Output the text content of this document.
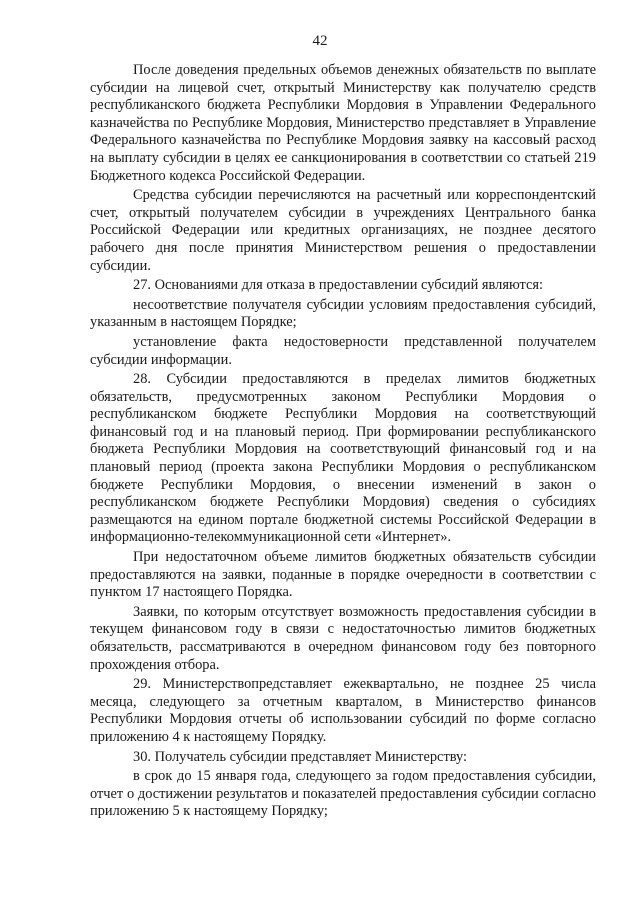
42

После доведения предельных объемов денежных обязательств по выплате субсидии на лицевой счет, открытый Министерству как получателю средств республиканского бюджета Республики Мордовия в Управлении Федерального казначейства по Республике Мордовия, Министерство представляет в Управление Федерального казначейства по Республике Мордовия заявку на кассовый расход на выплату субсидии в целях ее санкционирования в соответствии со статьей 219 Бюджетного кодекса Российской Федерации.

Средства субсидии перечисляются на расчетный или корреспондентский счет, открытый получателем субсидии в учреждениях Центрального банка Российской Федерации или кредитных организациях, не позднее десятого рабочего дня после принятия Министерством решения о предоставлении субсидии.

27. Основаниями для отказа в предоставлении субсидий являются:

несоответствие получателя субсидии условиям предоставления субсидий, указанным в настоящем Порядке;

установление факта недостоверности представленной получателем субсидии информации.

28. Субсидии предоставляются в пределах лимитов бюджетных обязательств, предусмотренных законом Республики Мордовия о республиканском бюджете Республики Мордовия на соответствующий финансовый год и на плановый период. При формировании республиканского бюджета Республики Мордовия на соответствующий финансовый год и на плановый период (проекта закона Республики Мордовия о республиканском бюджете Республики Мордовия, о внесении изменений в закон о республиканском бюджете Республики Мордовия) сведения о субсидиях размещаются на едином портале бюджетной системы Российской Федерации в информационно-телекоммуникационной сети «Интернет».

При недостаточном объеме лимитов бюджетных обязательств субсидии предоставляются на заявки, поданные в порядке очередности в соответствии с пунктом 17 настоящего Порядка.

Заявки, по которым отсутствует возможность предоставления субсидии в текущем финансовом году в связи с недостаточностью лимитов бюджетных обязательств, рассматриваются в очередном финансовом году без повторного прохождения отбора.

29. Министерствопредставляет ежеквартально, не позднее 25 числа месяца, следующего за отчетным кварталом, в Министерство финансов Республики Мордовия отчеты об использовании субсидий по форме согласно приложению 4 к настоящему Порядку.

30. Получатель субсидии представляет Министерству:

в срок до 15 января года, следующего за годом предоставления субсидии, отчет о достижении результатов и показателей предоставления субсидии согласно приложению 5 к настоящему Порядку;
